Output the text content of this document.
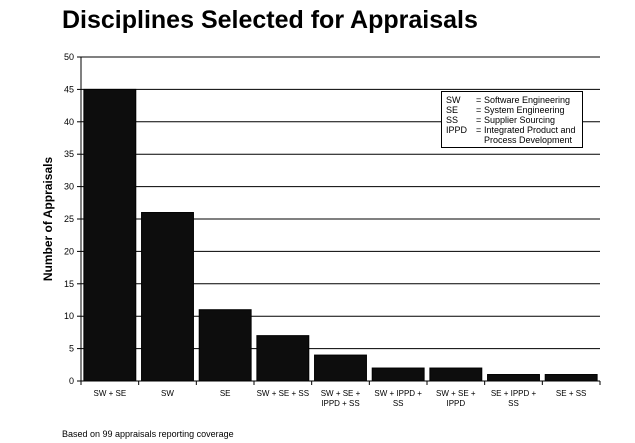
Disciplines Selected for Appraisals
0
5
10
15
20
25
30
35
40
45
50
SW + SE	SW	SE	SW + SE + SS SW + SE + IPPD + SS
SW + IPPD + SS
SW + SE + IPPD
SE + IPPD + SS
SE + SS
Number of Appraisals
SW	= Software Engineering
SE	= System Engineering
SS	= Supplier Sourcing
IPPD = Integrated Product and Process Development
Based on 99 appraisals reporting coverage
